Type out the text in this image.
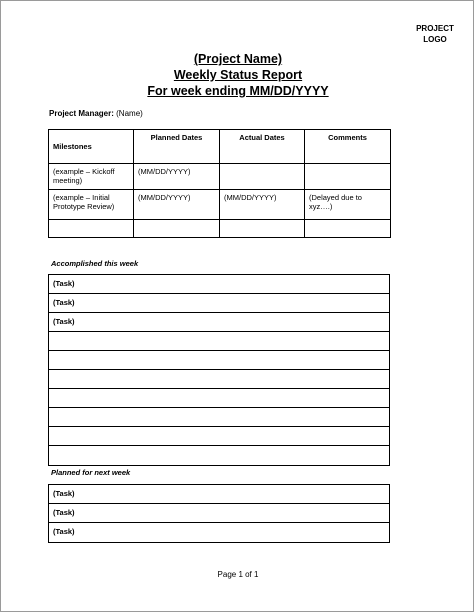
PROJECT
LOGO
(Project Name)
Weekly Status Report
For week ending MM/DD/YYYY
Project Manager: (Name)
Milestones	Planned Dates	Actual Dates	Comments
(example – Kickoff meeting)	(MM/DD/YYYY)		
(example – Initial Prototype Review)	(MM/DD/YYYY)	(MM/DD/YYYY)	(Delayed due to xyz….)

Accomplished this week
(Task)
(Task)
(Task)
Planned for next week
(Task)
(Task)
(Task)
Page 1 of 1
